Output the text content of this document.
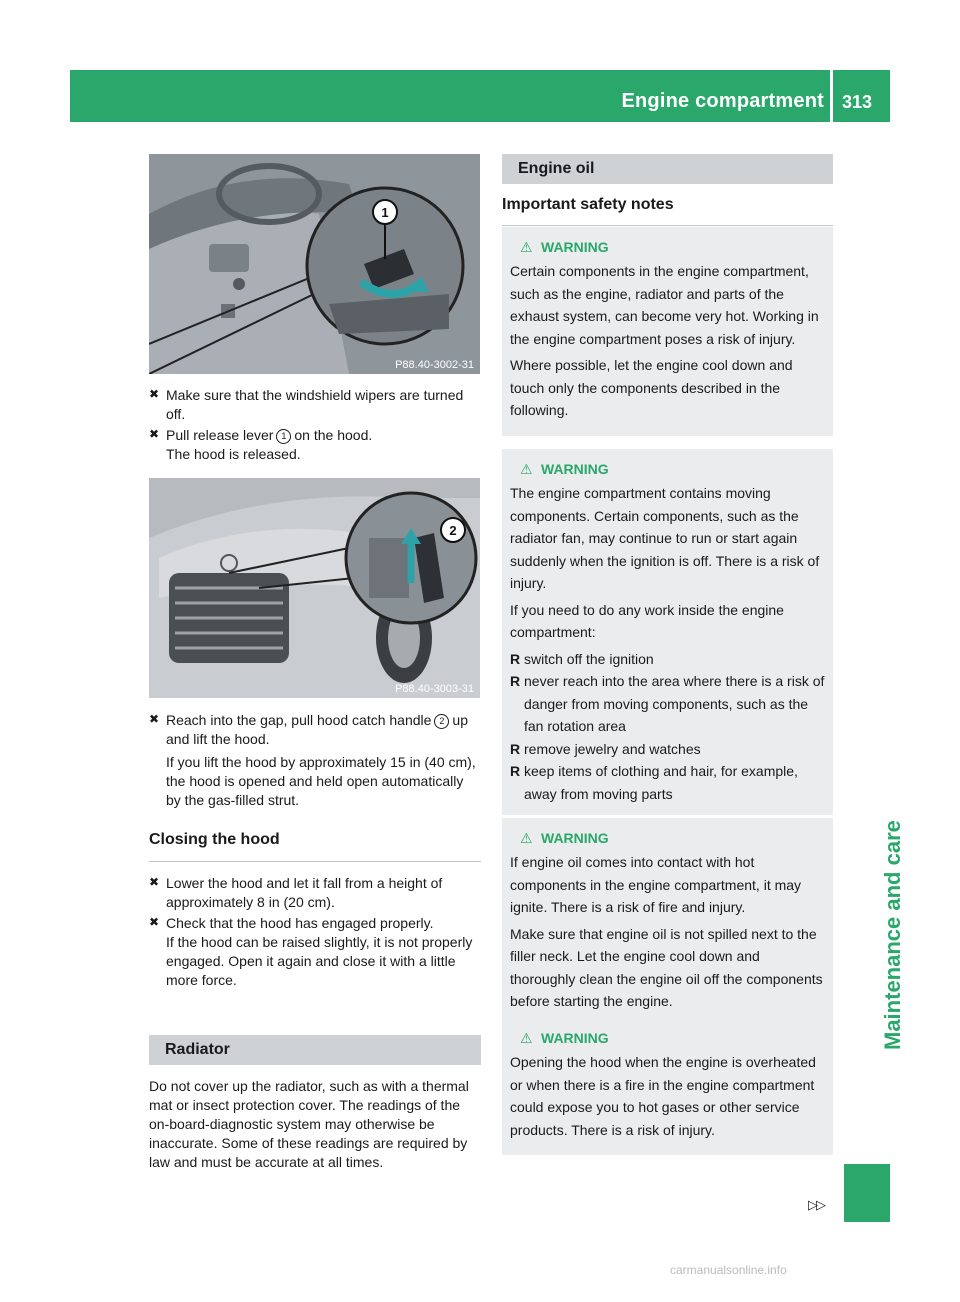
Engine compartment 313
Maintenance and care
1
P88.40-3002-31
✖ Make sure that the windshield wipers are turned off.
✖ Pull release lever 1 on the hood.
The hood is released.
2
P88.40-3003-31
✖ Reach into the gap, pull hood catch handle 2 up and lift the hood.
If you lift the hood by approximately 15 in (40 cm), the hood is opened and held open automatically by the gas-filled strut.
Closing the hood
✖ Lower the hood and let it fall from a height of approximately 8 in (20 cm).
✖ Check that the hood has engaged properly.
If the hood can be raised slightly, it is not properly engaged. Open it again and close it with a little more force.
Radiator
Do not cover up the radiator, such as with a thermal mat or insect protection cover. The readings of the on-board-diagnostic system may otherwise be inaccurate. Some of these readings are required by law and must be accurate at all times.
Engine oil
Important safety notes
⚠ WARNING

Certain components in the engine compartment, such as the engine, radiator and parts of the exhaust system, can become very hot. Working in the engine compartment poses a risk of injury.

Where possible, let the engine cool down and touch only the components described in the following.

⚠ WARNING

The engine compartment contains moving components. Certain components, such as the radiator fan, may continue to run or start again suddenly when the ignition is off. There is a risk of injury.

If you need to do any work inside the engine compartment:

R switch off the ignition
R never reach into the area where there is a risk of danger from moving components, such as the fan rotation area
R remove jewelry and watches
R keep items of clothing and hair, for example, away from moving parts
⚠ WARNING

If engine oil comes into contact with hot components in the engine compartment, it may ignite. There is a risk of fire and injury.

Make sure that engine oil is not spilled next to the filler neck. Let the engine cool down and thoroughly clean the engine oil off the components before starting the engine.

⚠ WARNING

Opening the hood when the engine is overheated or when there is a fire in the engine compartment could expose you to hot gases or other service products. There is a risk of injury.

▷▷
carmanualsonline.info
